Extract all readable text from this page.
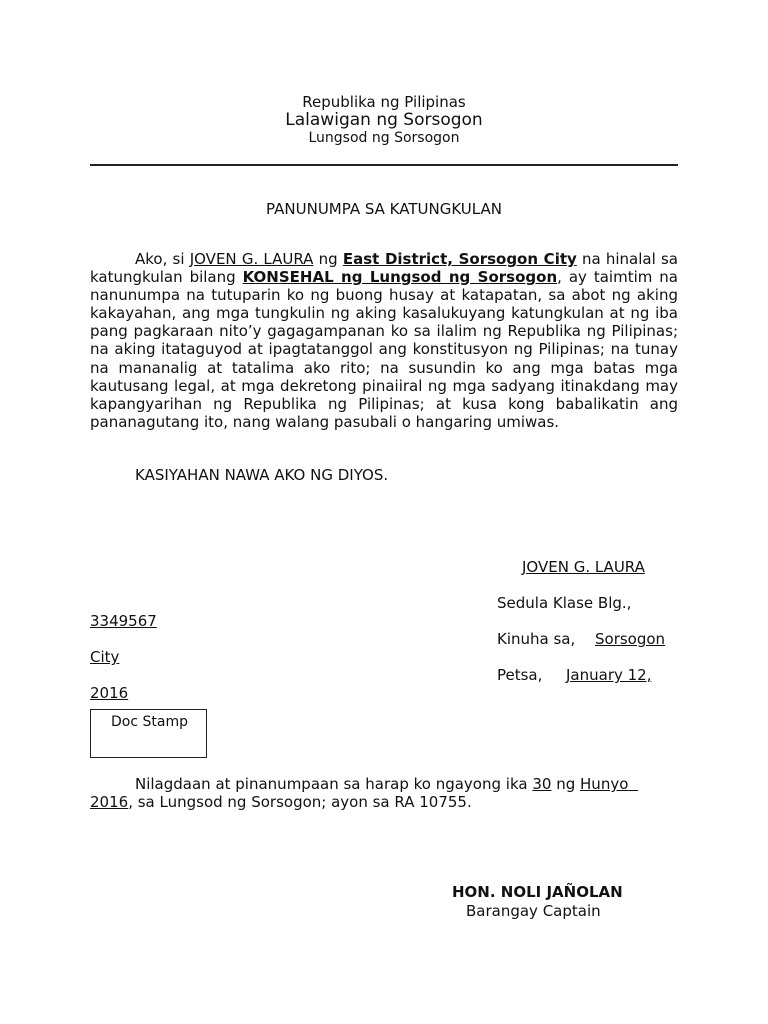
Republika ng Pilipinas
Lalawigan ng Sorsogon
Lungsod ng Sorsogon
PANUNUMPA SA KATUNGKULAN
Ako, si JOVEN G. LAURA ng East District, Sorsogon City na hinalal sa katungkulan bilang KONSEHAL ng Lungsod ng Sorsogon, ay taimtim na nanunumpa na tutuparin ko ng buong husay at katapatan, sa abot ng aking kakayahan, ang mga tungkulin ng aking kasalukuyang katungkulan at ng iba pang pagkaraan nito’y gagagampanan ko sa ilalim ng Republika ng Pilipinas; na aking itataguyod at ipagtatanggol ang konstitusyon ng Pilipinas; na tunay na mananalig at tatalima ako rito; na susundin ko ang mga batas mga kautusang legal, at mga dekretong pinaiiral ng mga sadyang itinakdang may kapangyarihan ng Republika ng Pilipinas; at kusa kong babalikatin ang pananagutang ito, nang walang pasubali o hangaring umiwas.
KASIYAHAN NAWA AKO NG DIYOS.
JOVEN G. LAURA
Sedula Klase Blg.,
3349567
Kinuha sa, Sorsogon
City
Petsa, January 12,
2016
Doc Stamp
Nilagdaan at pinanumpaan sa harap ko ngayong ika 30 ng Hunyo
2016, sa Lungsod ng Sorsogon; ayon sa RA 10755.
HON. NOLI JAÑOLAN
Barangay Captain
